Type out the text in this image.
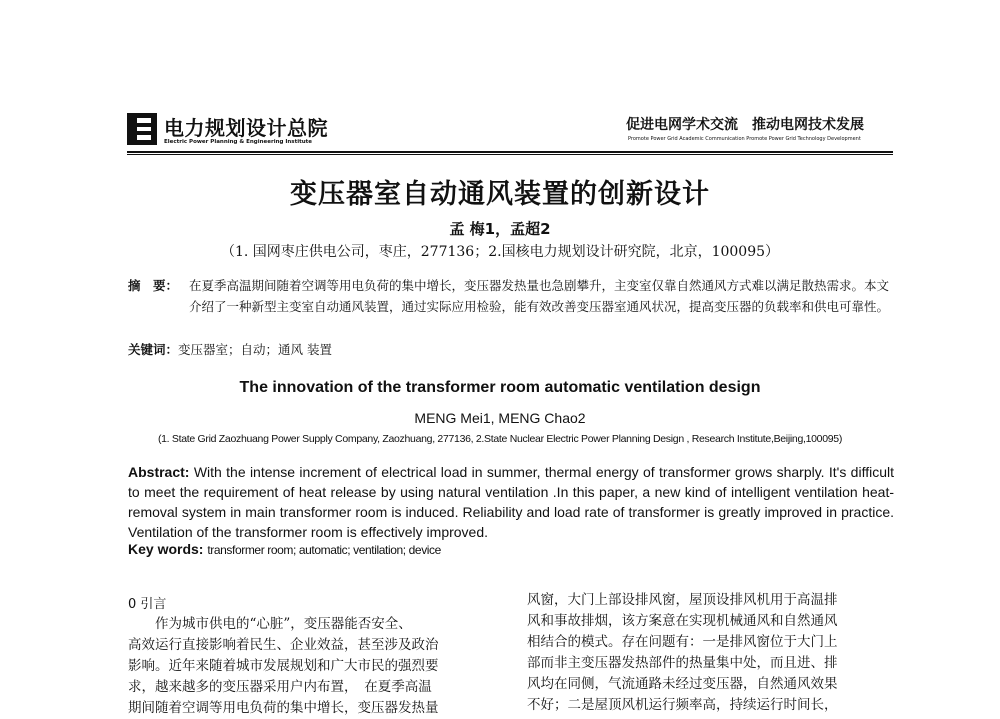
电力规划设计总院
Electric Power Planning & Engineering Institute
促进电网学术交流　推动电网技术发展
Promote Power Grid Academic Communication Promote Power Grid Technology Development
变压器室自动通风装置的创新设计
孟 梅1，孟超2
（1. 国网枣庄供电公司，枣庄，277136；2.国核电力规划设计研究院，北京，100095）
摘　要： 在夏季高温期间随着空调等用电负荷的集中增长，变压器发热量也急剧攀升，主变室仅靠自然通风方式难以满足散热需求。本文介绍了一种新型主变室自动通风装置，通过实际应用检验，能有效改善变压器室通风状况，提高变压器的负载率和供电可靠性。
关键词：变压器室；自动；通风 装置
The innovation of the transformer room automatic ventilation design
MENG Mei1, MENG Chao2
(1. State Grid Zaozhuang Power Supply Company, Zaozhuang, 277136, 2.State Nuclear Electric Power Planning Design , Research Institute,Beijing,100095)
Abstract: With the intense increment of electrical load in summer, thermal energy of transformer grows sharply. It's difficult to meet the requirement of heat release by using natural ventilation .In this paper, a new kind of intelligent ventilation heat-removal system in main transformer room is induced. Reliability and load rate of transformer is greatly improved in practice. Ventilation of the transformer room is effectively improved.
Key words: transformer room; automatic; ventilation; device
0 引言
　　作为城市供电的“心脏”，变压器能否安全、
高效运行直接影响着民生、企业效益，甚至涉及政治
影响。近年来随着城市发展规划和广大市民的强烈要
求，越来越多的变压器采用户内布置，　在夏季高温
期间随着空调等用电负荷的集中增长，变压器发热量
风窗，大门上部设排风窗，屋顶设排风机用于高温排
风和事故排烟，该方案意在实现机械通风和自然通风
相结合的模式。存在问题有：一是排风窗位于大门上
部而非主变压器发热部件的热量集中处，而且进、排
风均在同侧，气流通路未经过变压器，自然通风效果
不好；二是屋顶风机运行频率高，持续运行时间长，
